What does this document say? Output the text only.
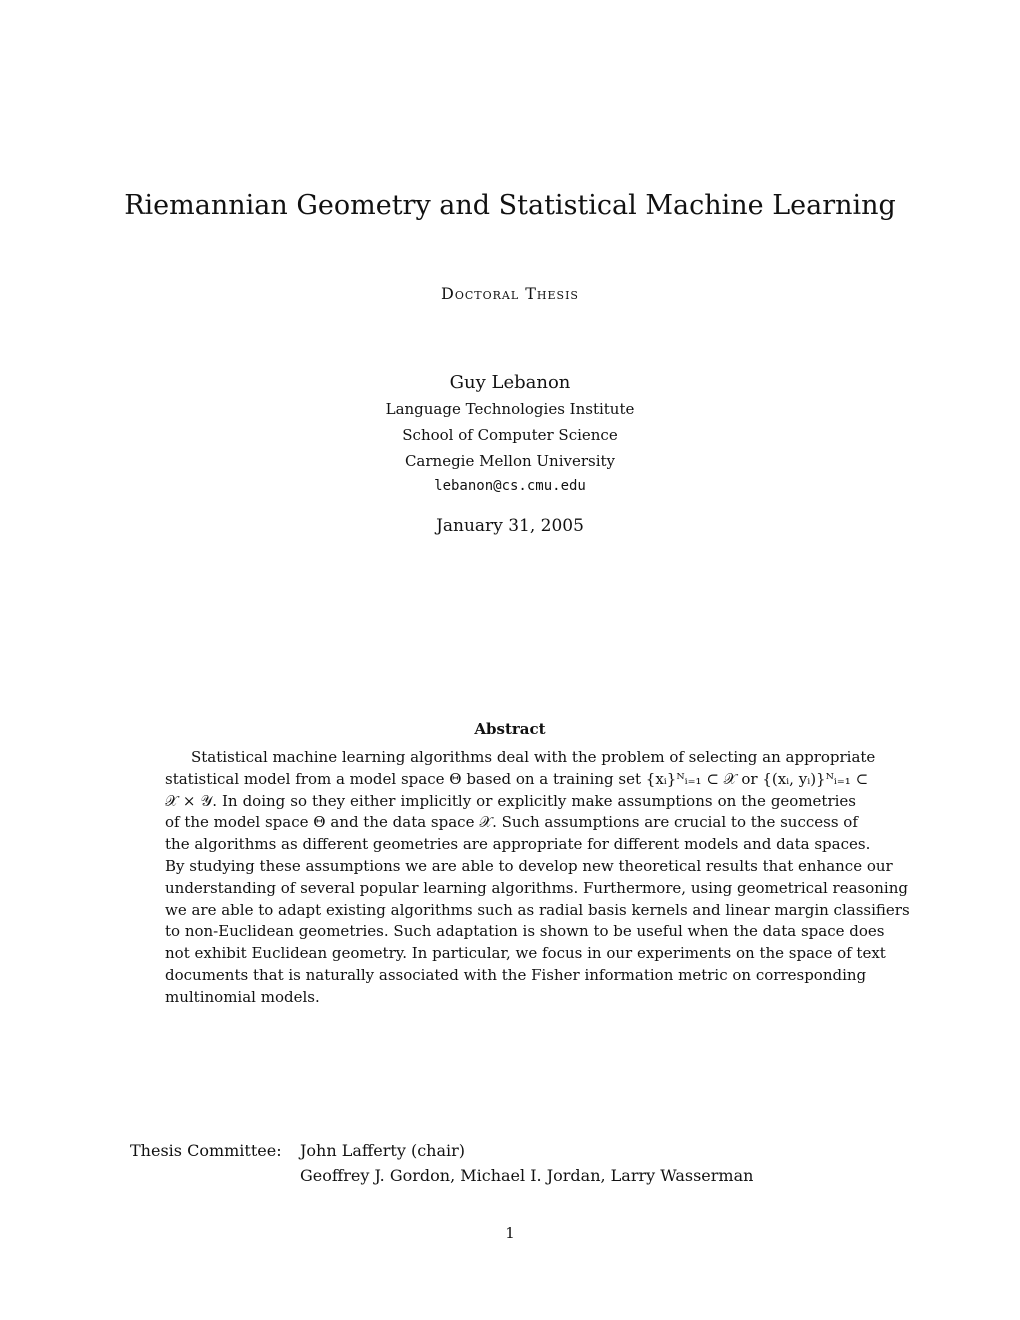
Riemannian Geometry and Statistical Machine Learning
Doctoral Thesis
Guy Lebanon
Language Technologies Institute
School of Computer Science
Carnegie Mellon University
lebanon@cs.cmu.edu
January 31, 2005
Abstract
Statistical machine learning algorithms deal with the problem of selecting an appropriate
statistical model from a model space Θ based on a training set {xᵢ}ᴺᵢ₌₁ ⊂ 𝒳 or {(xᵢ, yᵢ)}ᴺᵢ₌₁ ⊂
𝒳 × 𝒴. In doing so they either implicitly or explicitly make assumptions on the geometries
of the model space Θ and the data space 𝒳. Such assumptions are crucial to the success of
the algorithms as different geometries are appropriate for different models and data spaces.
By studying these assumptions we are able to develop new theoretical results that enhance our
understanding of several popular learning algorithms. Furthermore, using geometrical reasoning
we are able to adapt existing algorithms such as radial basis kernels and linear margin classifiers
to non-Euclidean geometries. Such adaptation is shown to be useful when the data space does
not exhibit Euclidean geometry. In particular, we focus in our experiments on the space of text
documents that is naturally associated with the Fisher information metric on corresponding
multinomial models.
Thesis Committee: John Lafferty (chair)
Geoffrey J. Gordon, Michael I. Jordan, Larry Wasserman
1
